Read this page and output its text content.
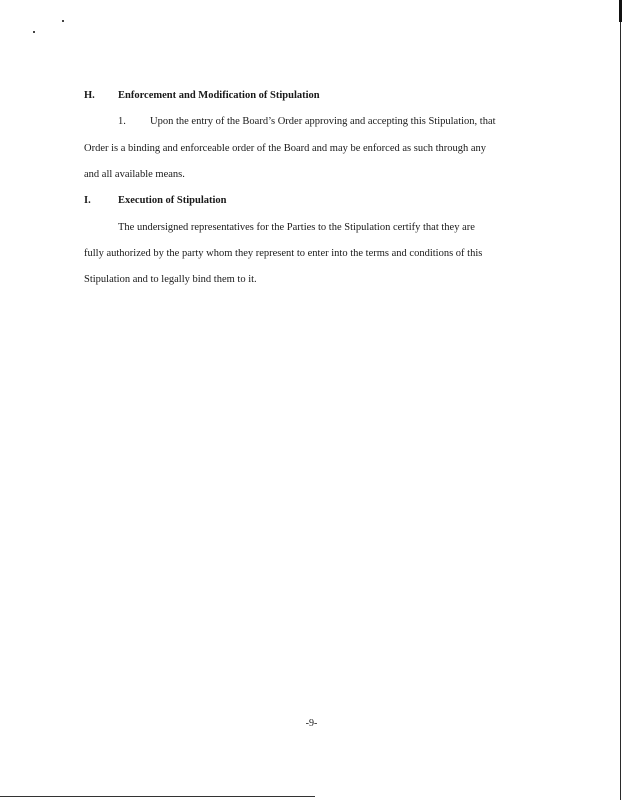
H. Enforcement and Modification of Stipulation
1. Upon the entry of the Board’s Order approving and accepting this Stipulation, that
Order is a binding and enforceable order of the Board and may be enforced as such through any
and all available means.
I.	Execution of Stipulation
The undersigned representatives for the Parties to the Stipulation certify that they are
fully authorized by the party whom they represent to enter into the terms and conditions of this
Stipulation and to legally bind them to it.
-9-
